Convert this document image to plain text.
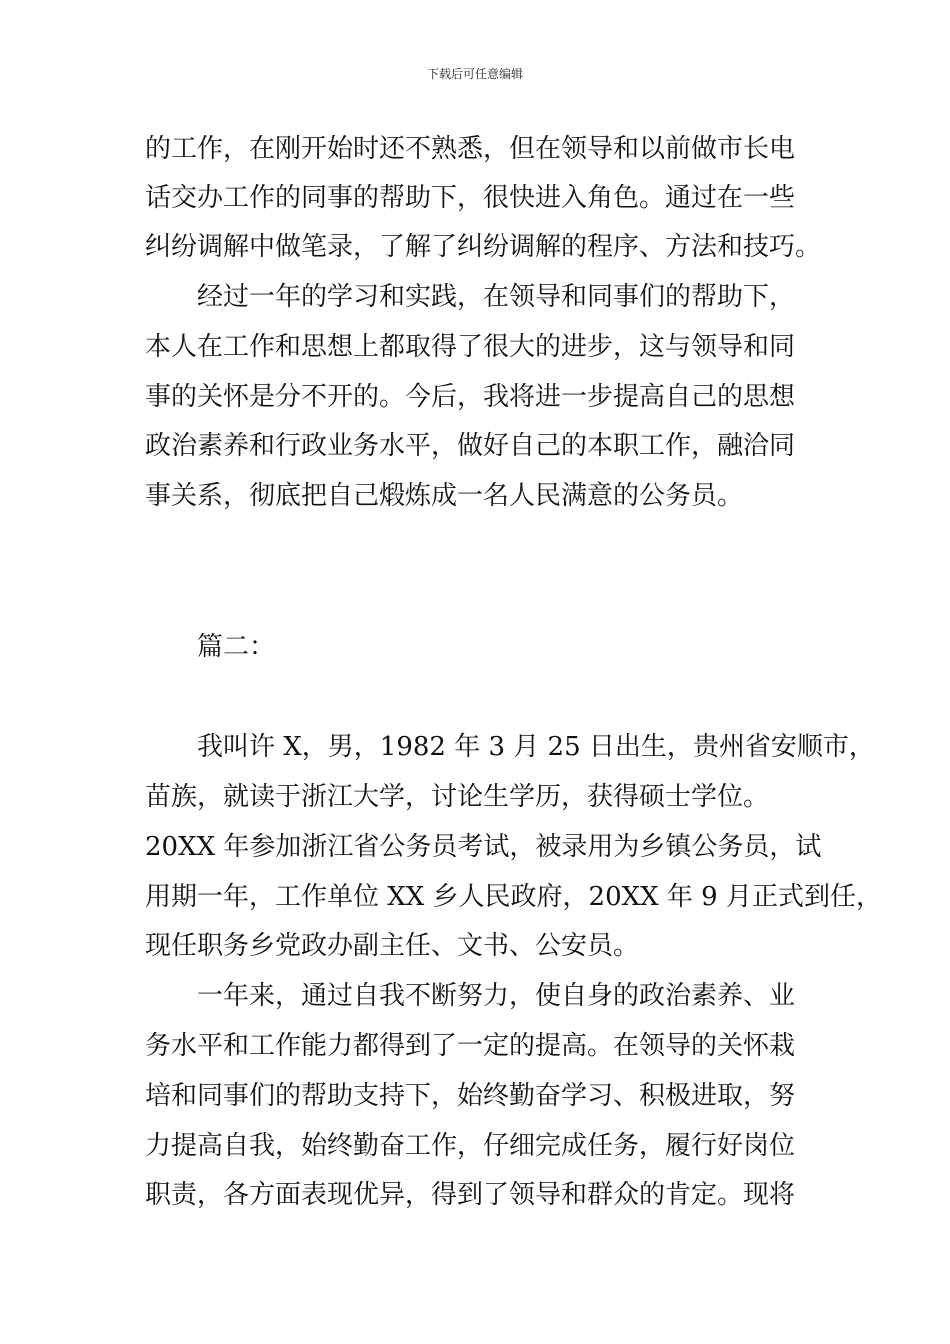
下载后可任意编辑
的工作，在刚开始时还不熟悉，但在领导和以前做市长电
话交办工作的同事的帮助下，很快进入角色。通过在一些
纠纷调解中做笔录，了解了纠纷调解的程序、方法和技巧。
经过一年的学习和实践，在领导和同事们的帮助下，
本人在工作和思想上都取得了很大的进步，这与领导和同
事的关怀是分不开的。今后，我将进一步提高自己的思想
政治素养和行政业务水平，做好自己的本职工作，融洽同
事关系，彻底把自己煅炼成一名人民满意的公务员。
篇二：
我叫许 X，男，1982 年 3 月 25 日出生，贵州省安顺市，
苗族，就读于浙江大学，讨论生学历，获得硕士学位。
20XX 年参加浙江省公务员考试，被录用为乡镇公务员，试
用期一年，工作单位 XX 乡人民政府，20XX 年 9 月正式到任，
现任职务乡党政办副主任、文书、公安员。
一年来，通过自我不断努力，使自身的政治素养、业
务水平和工作能力都得到了一定的提高。在领导的关怀栽
培和同事们的帮助支持下，始终勤奋学习、积极进取，努
力提高自我，始终勤奋工作，仔细完成任务，履行好岗位
职责，各方面表现优异，得到了领导和群众的肯定。现将
